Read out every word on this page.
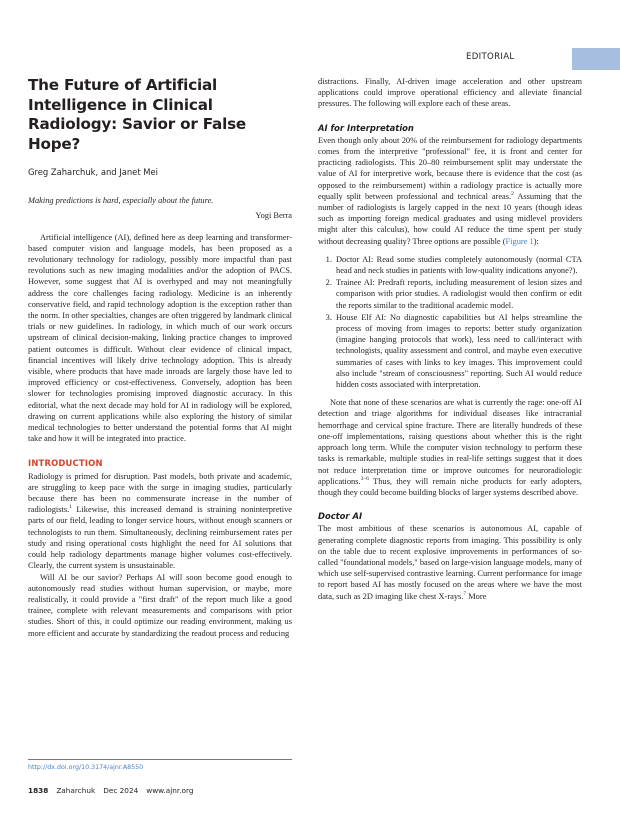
EDITORIAL
The Future of Artificial Intelligence in Clinical Radiology: Savior or False Hope?
Greg Zaharchuk, and Janet Mei
Making predictions is hard, especially about the future.
Yogi Berra

Artificial intelligence (AI), defined here as deep learning and transformer-based computer vision and language models, has been proposed as a revolutionary technology for radiology, possibly more impactful than past revolutions such as new imaging modalities and/or the adoption of PACS. However, some suggest that AI is overhyped and may not meaningfully address the core challenges facing radiology. Medicine is an inherently conservative field, and rapid technology adoption is the exception rather than the norm. In other specialties, changes are often triggered by landmark clinical trials or new guidelines. In radiology, in which much of our work occurs upstream of clinical decision-making, linking practice changes to improved patient outcomes is difficult. Without clear evidence of clinical impact, financial incentives will likely drive technology adoption. This is already visible, where products that have made inroads are largely those have led to improved efficiency or cost-effectiveness. Conversely, adoption has been slower for technologies promising improved diagnostic accuracy. In this editorial, what the next decade may hold for AI in radiology will be explored, drawing on current applications while also exploring the history of similar medical technologies to better understand the potential forms that AI might take and how it will be integrated into practice.

INTRODUCTION

Radiology is primed for disruption. Past models, both private and academic, are struggling to keep pace with the surge in imaging studies, particularly because there has been no commensurate increase in the number of radiologists.$^1$ Likewise, this increased demand is straining noninterpretive parts of our field, leading to longer service hours, without enough scanners or technologists to run them. Simultaneously, declining reimbursement rates per study and rising operational costs highlight the need for AI solutions that could help radiology departments manage higher volumes cost-effectively. Clearly, the current system is unsustainable.

Will AI be our savior? Perhaps AI will soon become good enough to autonomously read studies without human supervision, or maybe, more realistically, it could provide a "first draft" of the report much like a good trainee, complete with relevant measurements and comparisons with prior studies. Short of this, it could optimize our reading environment, making us more efficient and accurate by standardizing the readout process and reducing

distractions. Finally, AI-driven image acceleration and other upstream applications could improve operational efficiency and alleviate financial pressures. The following will explore each of these areas.

AI for Interpretation

Even though only about 20% of the reimbursement for radiology departments comes from the interpretive "professional" fee, it is front and center for practicing radiologists. This 20–80 reimbursement split may understate the value of AI for interpretive work, because there is evidence that the cost (as opposed to the reimbursement) within a radiology practice is actually more equally split between professional and technical areas.$^2$ Assuming that the number of radiologists is largely capped in the next 10 years (though ideas such as importing foreign medical graduates and using midlevel providers might alter this calculus), how could AI reduce the time spent per study without decreasing quality? Three options are possible (Figure 1):

1. Doctor AI: Read some studies completely autonomously (normal CTA head and neck studies in patients with low-quality indications anyone?).
2. Trainee AI: Predraft reports, including measurement of lesion sizes and comparison with prior studies. A radiologist would then confirm or edit the reports similar to the traditional academic model.
3. House Elf AI: No diagnostic capabilities but AI helps streamline the process of moving from images to reports: better study organization (imagine hanging protocols that work), less need to call/interact with technologists, quality assessment and control, and maybe even executive summaries of cases with links to key images. This improvement could also include "stream of consciousness" reporting. Such AI would reduce hidden costs associated with interpretation.

Note that none of these scenarios are what is currently the rage: one-off AI detection and triage algorithms for individual diseases like intracranial hemorrhage and cervical spine fracture. There are literally hundreds of these one-off implementations, raising questions about whether this is the right approach long term. While the computer vision technology to perform these tasks is remarkable, multiple studies in real-life settings suggest that it does not reduce interpretation time or improve outcomes for neuroradiologic applications.$^{3-6}$ Thus, they will remain niche products for early adopters, though they could become building blocks of larger systems described above.

Doctor AI

The most ambitious of these scenarios is autonomous AI, capable of generating complete diagnostic reports from imaging. This possibility is only on the table due to recent explosive improvements in performances of so-called "foundational models," based on large-vision language models, many of which use self-supervised contrastive learning. Current performance for image to report based AI has mostly focused on the areas where we have the most data, such as 2D imaging like chest X-rays.$^7$ More

http://dx.doi.org/10.3174/ajnr.A8550
1838 Zaharchuk Dec 2024 www.ajnr.org
